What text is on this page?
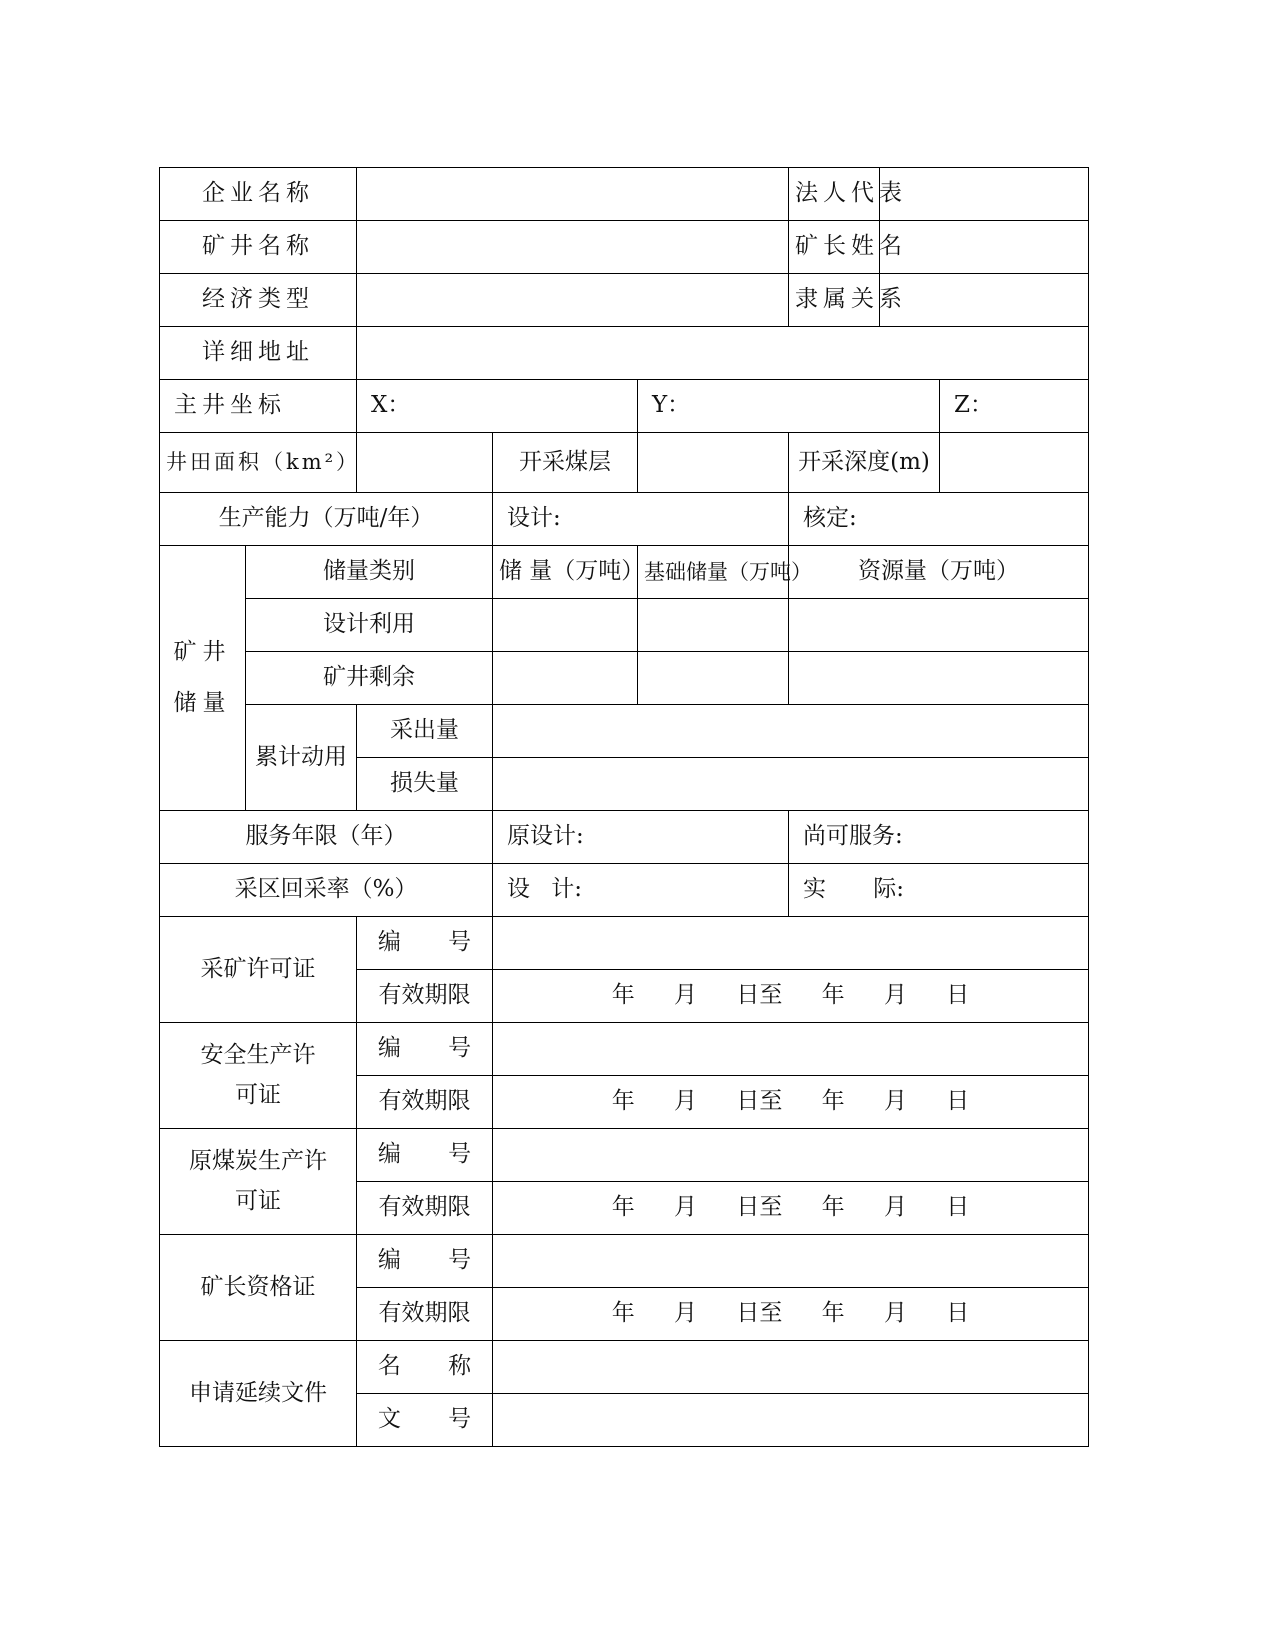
企业名称					法人代表		
矿井名称					矿长姓名		
经济类型					隶属关系		
详细地址							
主井坐标		X：		Y：			Z：
井田面积（km²）			开采煤层		开采深度(m)		
生产能力（万吨/年）			设计:		核定:		
矿井储量	储量类别		储 量（万吨）	基础储量（万吨）	资源量（万吨）		
	设计利用						
	矿井剩余						
	累计动用	采出量					
		损失量					
服务年限（年）			原设计:		尚可服务:		
采区回采率（%）			设 计:		实 际:		
采矿许可证		编 号					
		有效期限	年 月 日至 年 月 日				
安全生产许可证		编 号					
		有效期限	年 月 日至 年 月 日				
原煤炭生产许可证		编 号					
		有效期限	年 月 日至 年 月 日				
矿长资格证		编 号					
		有效期限	年 月 日至 年 月 日				
申请延续文件		名 称					
		文 号					
